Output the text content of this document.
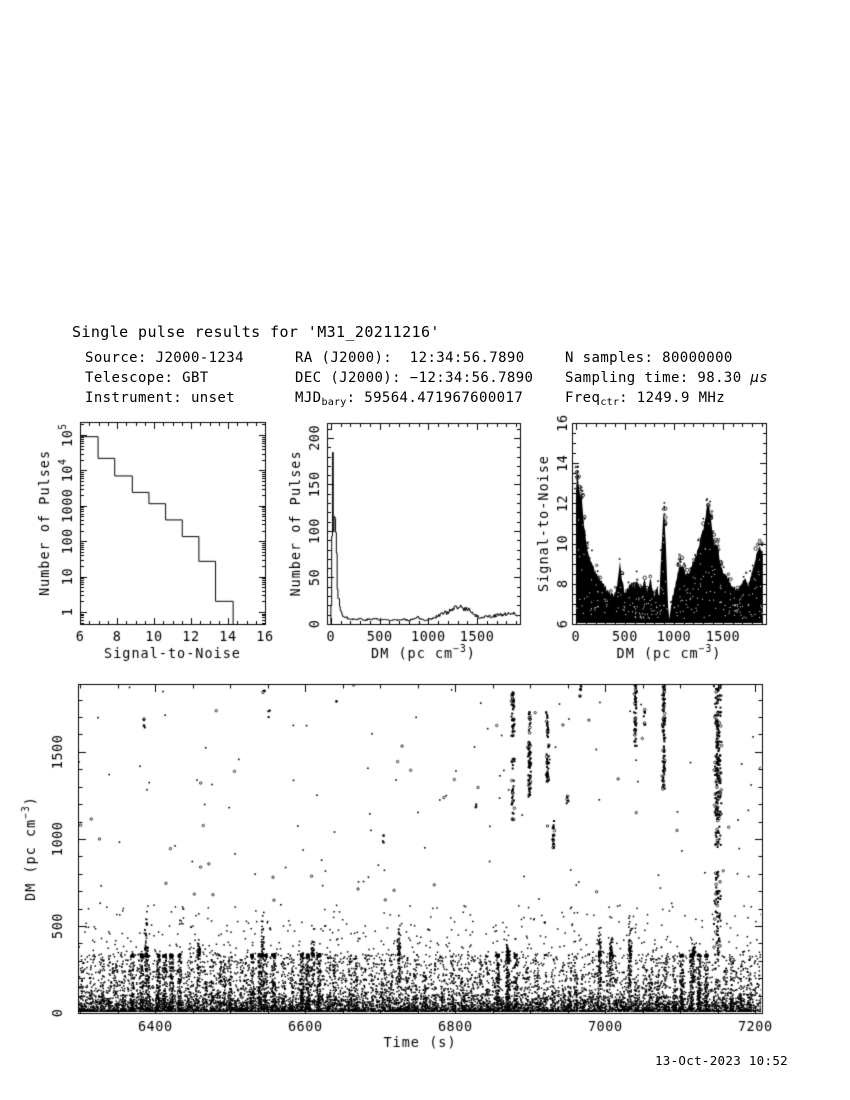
Single pulse results for 'M31_20211216'
Source: J2000-1234
Telescope: GBT
Instrument: unset
RA (J2000):  12:34:56.7890
DEC (J2000): −12:34:56.7890
$MJD_{bary}$: 59564.471967600017
N samples: 80000000
Sampling time: 98.30 μs
Freq$_{ctr}$: 1249.9 MHz
13-Oct-2023 10:52
